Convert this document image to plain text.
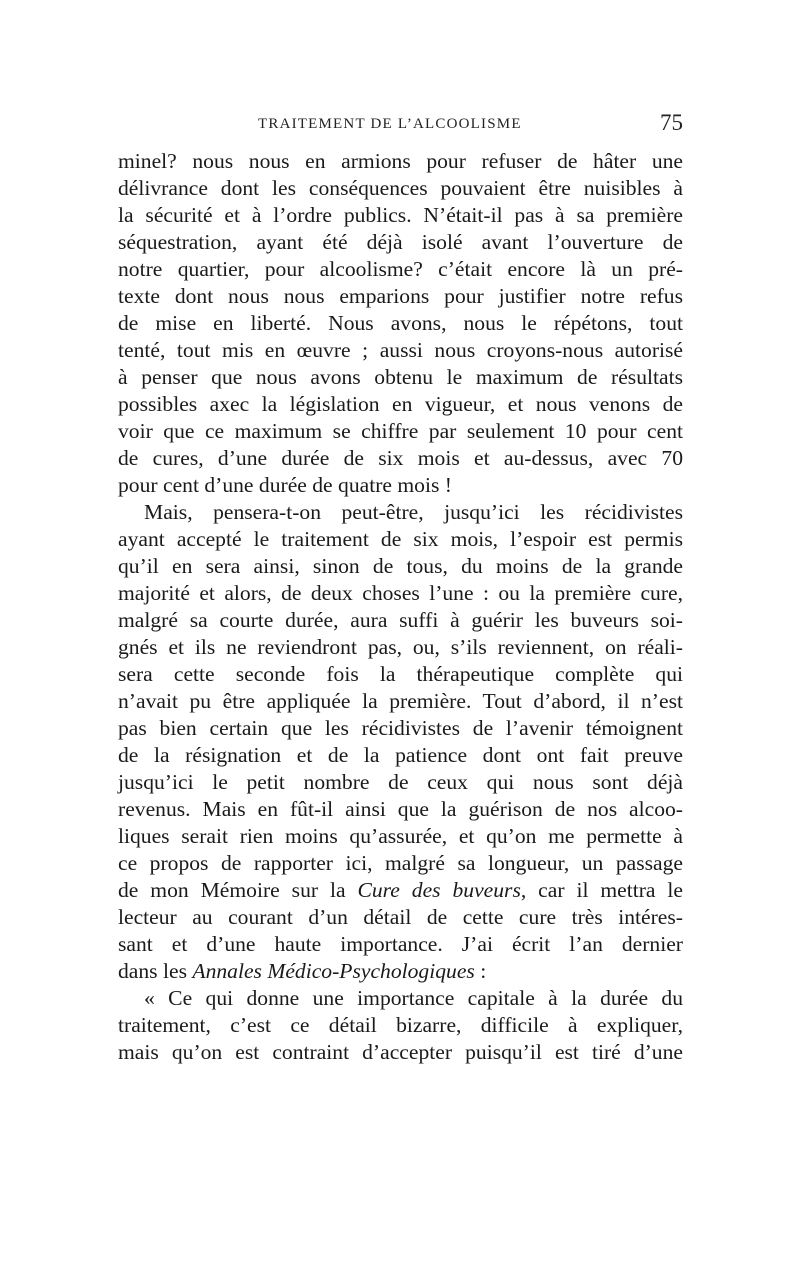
TRAITEMENT DE L’ALCOOLISME	75
minel? nous nous en armions pour refuser de hâter une
délivrance dont les conséquences pouvaient être nuisibles à
la sécurité et à l’ordre publics. N’était-il pas à sa première
séquestration, ayant été déjà isolé avant l’ouverture de
notre quartier, pour alcoolisme? c’était encore là un pré-
texte dont nous nous emparions pour justifier notre refus
de mise en liberté. Nous avons, nous le répétons, tout
tenté, tout mis en œuvre ; aussi nous croyons-nous autorisé
à penser que nous avons obtenu le maximum de résultats
possibles axec la législation en vigueur, et nous venons de
voir que ce maximum se chiffre par seulement 10 pour cent
de cures, d’une durée de six mois et au-dessus, avec 70
pour cent d’une durée de quatre mois !
Mais, pensera-t-on peut-être, jusqu’ici les récidivistes
ayant accepté le traitement de six mois, l’espoir est permis
qu’il en sera ainsi, sinon de tous, du moins de la grande
majorité et alors, de deux choses l’une : ou la première cure,
malgré sa courte durée, aura suffi à guérir les buveurs soi-
gnés et ils ne reviendront pas, ou, s’ils reviennent, on réali-
sera cette seconde fois la thérapeutique complète qui
n’avait pu être appliquée la première. Tout d’abord, il n’est
pas bien certain que les récidivistes de l’avenir témoignent
de la résignation et de la patience dont ont fait preuve
jusqu’ici le petit nombre de ceux qui nous sont déjà
revenus. Mais en fût-il ainsi que la guérison de nos alcoo-
liques serait rien moins qu’assurée, et qu’on me permette à
ce propos de rapporter ici, malgré sa longueur, un passage
de mon Mémoire sur la Cure des buveurs, car il mettra le
lecteur au courant d’un détail de cette cure très intéres-
sant et d’une haute importance. J’ai écrit l’an dernier
dans les Annales Médico-Psychologiques :
« Ce qui donne une importance capitale à la durée du
traitement, c’est ce détail bizarre, difficile à expliquer,
mais qu’on est contraint d’accepter puisqu’il est tiré d’une
